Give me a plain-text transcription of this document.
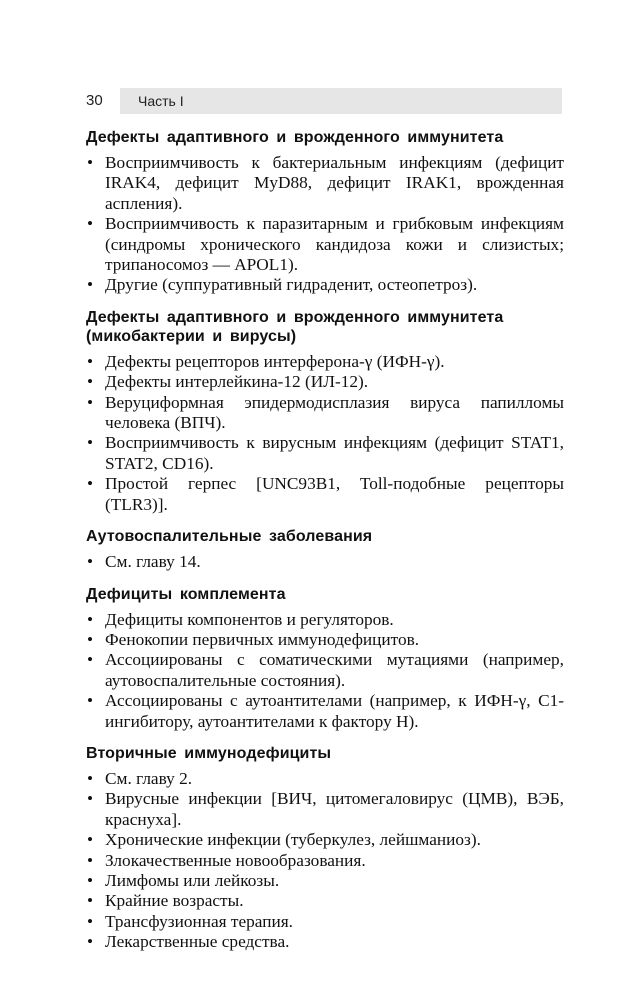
30	Часть I
Дефекты адаптивного и врожденного иммунитета
• Восприимчивость к бактериальным инфекциям (дефицит IRAK4, дефицит MyD88, дефицит IRAK1, врожденная аспления).
• Восприимчивость к паразитарным и грибковым инфекциям (синдромы хронического кандидоза кожи и слизистых; трипаносомоз — APOL1).
• Другие (суппуративный гидраденит, остеопетроз).
Дефекты адаптивного и врожденного иммунитета (микобактерии и вирусы)
• Дефекты рецепторов интерферона-γ (ИФН-γ).
• Дефекты интерлейкина-12 (ИЛ-12).
• Веруциформная эпидермодисплазия вируса папилломы человека (ВПЧ).
• Восприимчивость к вирусным инфекциям (дефицит STAT1, STAT2, CD16).
• Простой герпес [UNC93B1, Toll-подобные рецепторы (TLR3)].
Аутовоспалительные заболевания
• См. главу 14.
Дефициты комплемента
• Дефициты компонентов и регуляторов.
• Фенокопии первичных иммунодефицитов.
• Ассоциированы с соматическими мутациями (например, аутовоспалительные состояния).
• Ассоциированы с аутоантителами (например, к ИФН-γ, C1-ингибитору, аутоантителами к фактору H).
Вторичные иммунодефициты
• См. главу 2.
• Вирусные инфекции [ВИЧ, цитомегаловирус (ЦМВ), ВЭБ, краснуха].
• Хронические инфекции (туберкулез, лейшманиоз).
• Злокачественные новообразования.
• Лимфомы или лейкозы.
• Крайние возрасты.
• Трансфузионная терапия.
• Лекарственные средства.
